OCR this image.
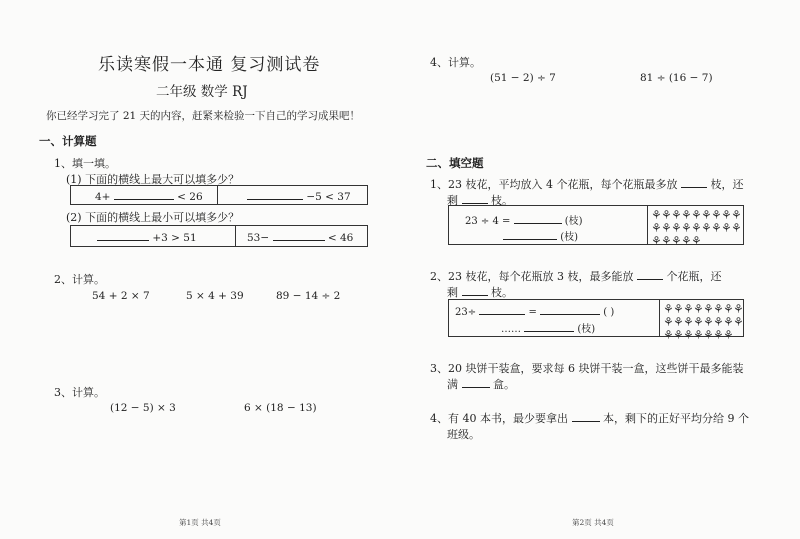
乐读寒假一本通 复习测试卷
二年级 数学 RJ
你已经学习完了 21 天的内容，赶紧来检验一下自己的学习成果吧！
一、计算题
1、填一填。
(1) 下面的横线上最大可以填多少？
4+	< 26	−5 < 37
(2) 下面的横线上最小可以填多少？
+3 > 51	53−	< 46
2、计算。
54 + 2 × 7	5 × 4 + 39	89 − 14 ÷ 2
3、计算。
(12 − 5) × 3	6 × (18 − 13)
第1页 共4页
4、计算。
(51 − 2) ÷ 7	81 ÷ (16 − 7)
二、填空题
1、23 枝花，平均放入 4 个花瓶，每个花瓶最多放	枝，还
剩	枝。
23 ÷ 4 =	(枝)
(枝)
⚘ ⚘ ⚘ ⚘ ⚘ ⚘ ⚘ ⚘ ⚘
⚘ ⚘ ⚘ ⚘ ⚘ ⚘ ⚘ ⚘ ⚘
⚘ ⚘ ⚘ ⚘ ⚘
2、23 枝花，每个花瓶放 3 枝，最多能放	个花瓶，还
剩	枝。
23÷	=	( )
……	(枝)
⚘ ⚘ ⚘ ⚘ ⚘ ⚘ ⚘ ⚘
⚘ ⚘ ⚘ ⚘ ⚘ ⚘ ⚘ ⚘
⚘ ⚘ ⚘ ⚘ ⚘ ⚘ ⚘
3、20 块饼干装盒，要求每 6 块饼干装一盒，这些饼干最多能装
满	盒。
4、有 40 本书，最少要拿出	本，剩下的正好平均分给 9 个
班级。
第2页 共4页
